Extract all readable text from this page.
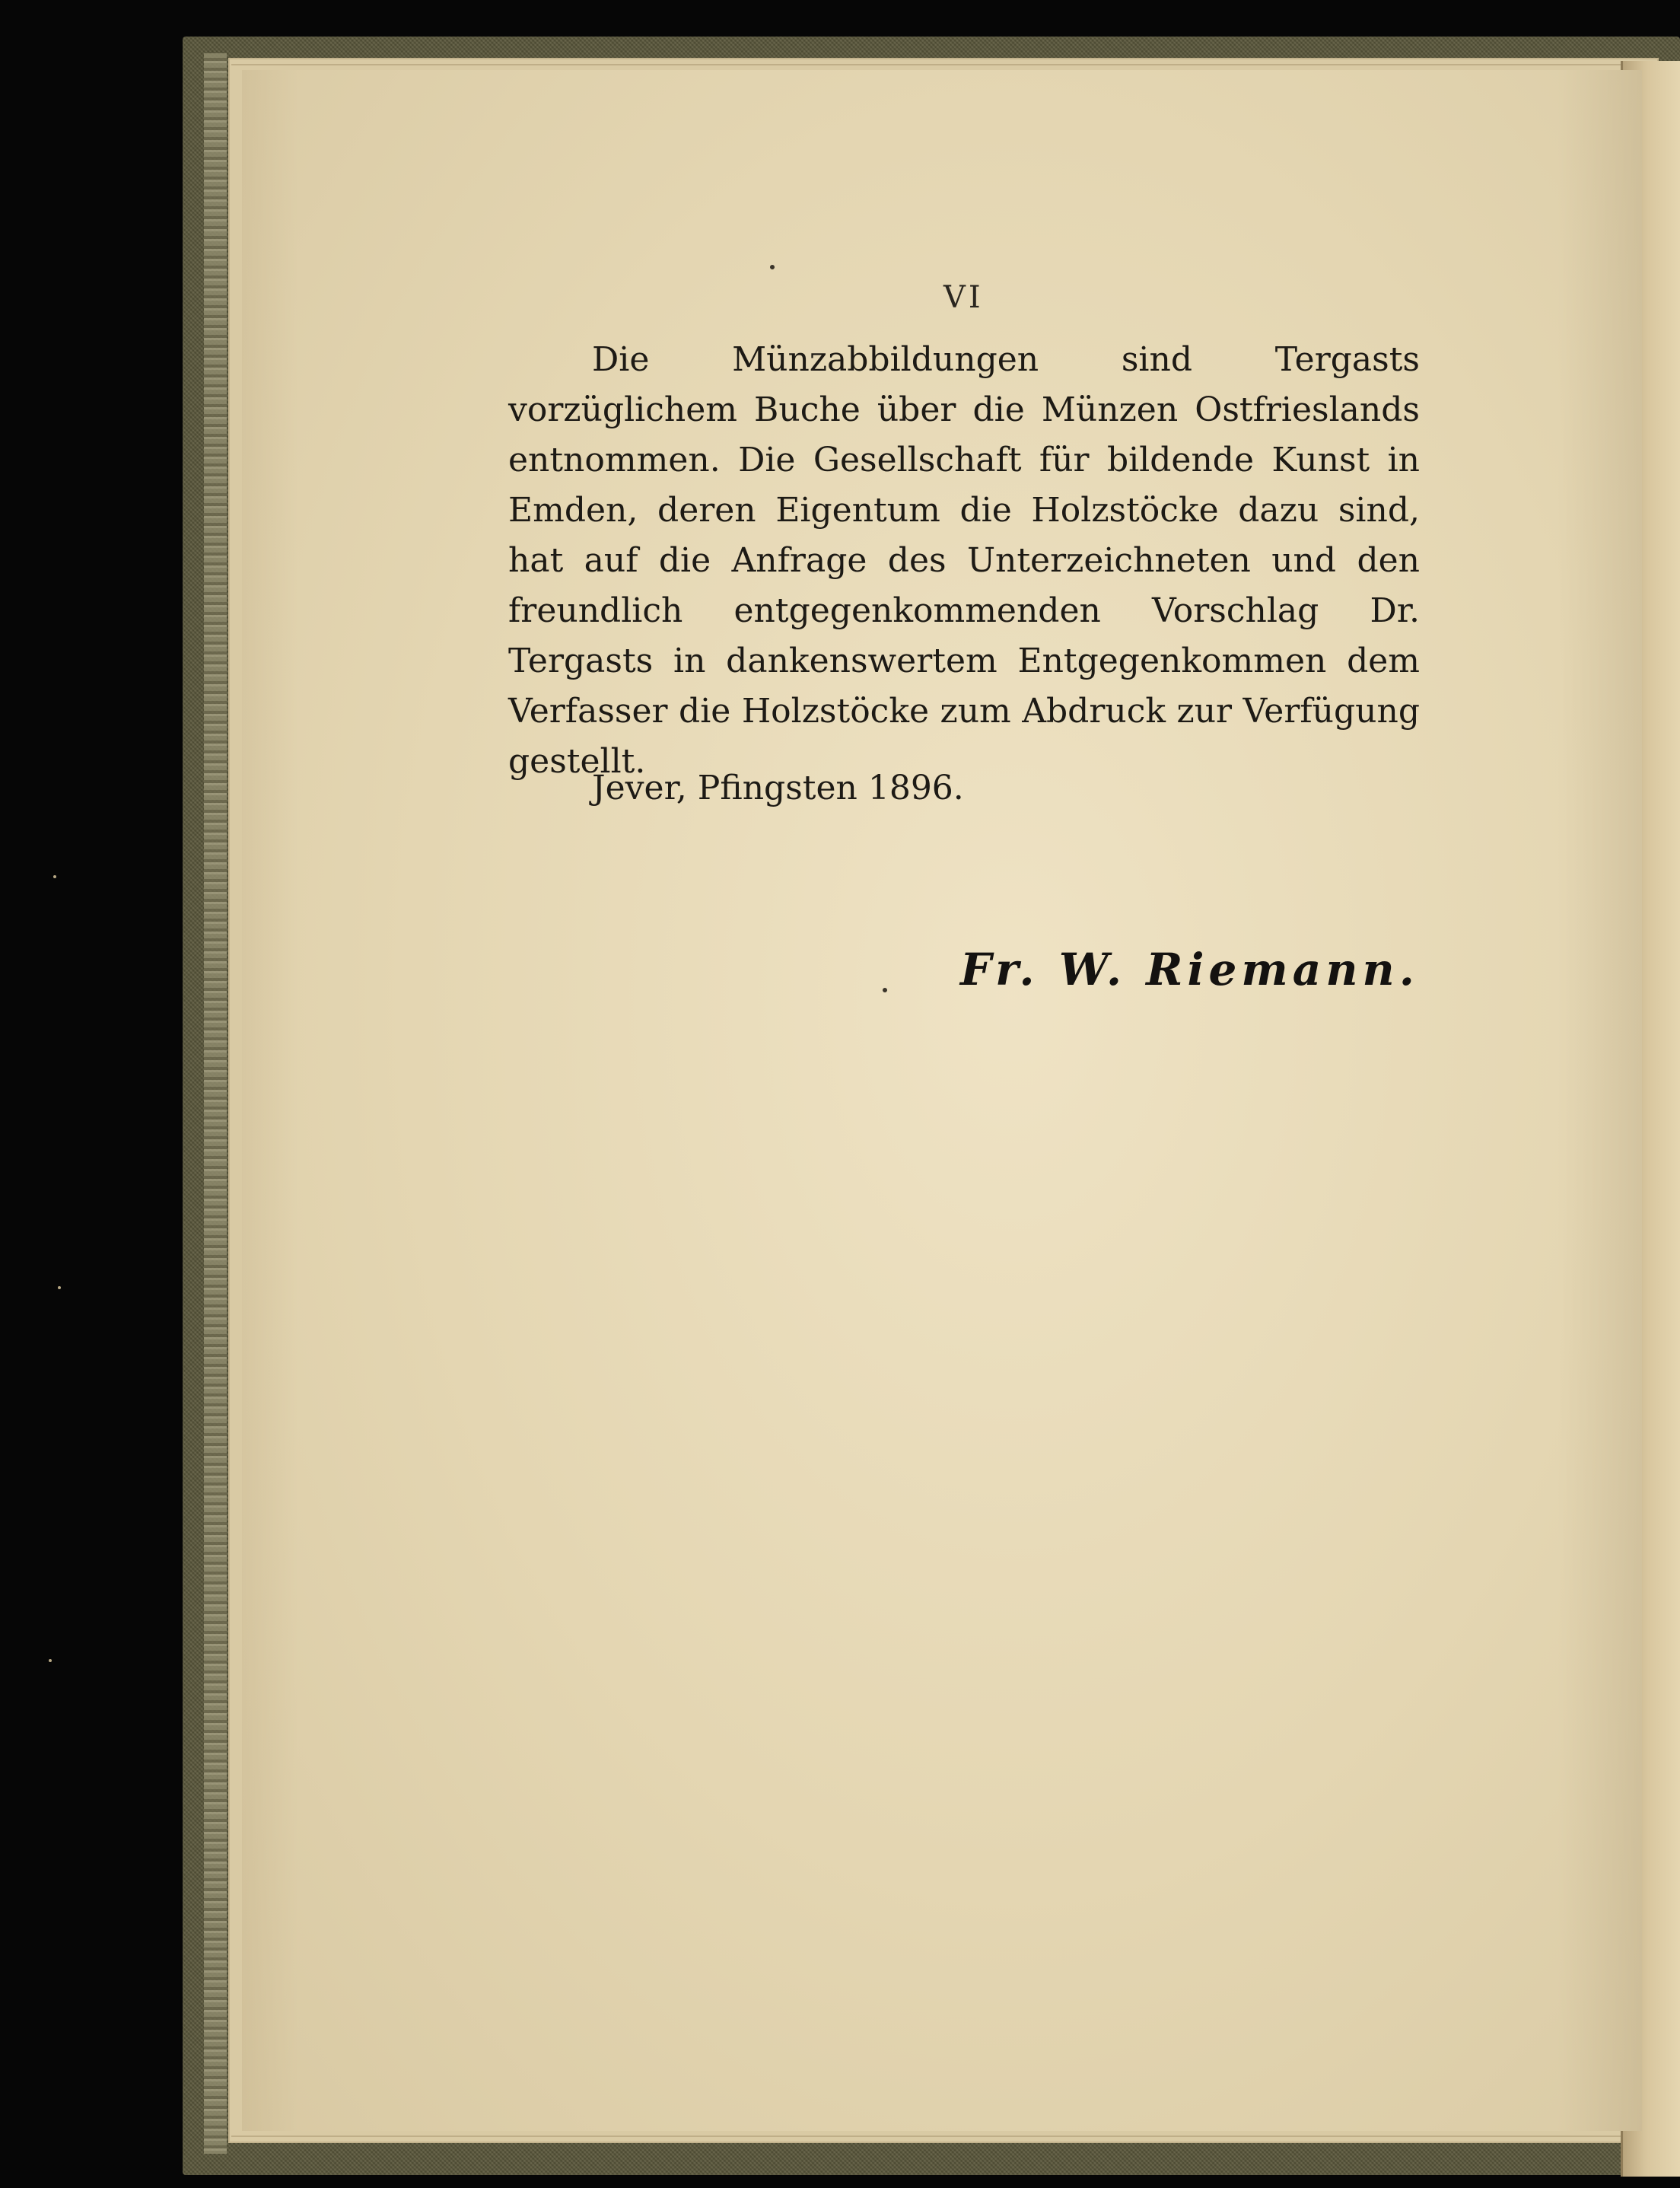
VI

Die Münzabbildungen sind Tergasts vorzüglichem Buche über die Münzen Ostfrieslands entnommen. Die Gesellschaft für bildende Kunst in Emden, deren Eigentum die Holzstöcke dazu sind, hat auf die Anfrage des Unterzeichneten und den freundlich entgegenkommenden Vorschlag Dr. Tergasts in dankenswertem Entgegenkommen dem Verfasser die Holzstöcke zum Abdruck zur Verfügung gestellt.

Jever, Pfingsten 1896.
Fr. W. Riemann.
